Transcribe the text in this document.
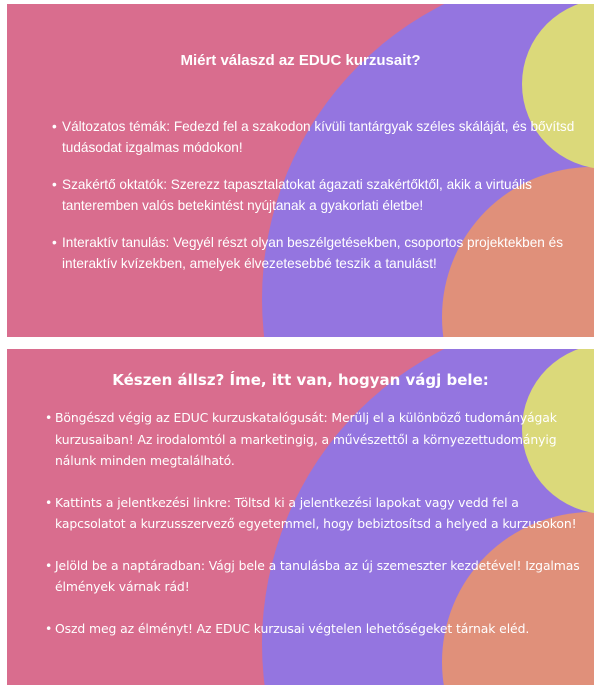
Miért válaszd az EDUC kurzusait?
• Változatos témák: Fedezd fel a szakodon kívüli tantárgyak széles skáláját, és bővítsd tudásodat izgalmas módokon!
• Szakértő oktatók: Szerezz tapasztalatokat ágazati szakértőktől, akik a virtuális tanteremben valós betekintést nyújtanak a gyakorlati életbe!
• Interaktív tanulás: Vegyél részt olyan beszélgetésekben, csoportos projektekben és interaktív kvízekben, amelyek élvezetesebbé teszik a tanulást!
Készen állsz? Íme, itt van, hogyan vágj bele:
• Böngészd végig az EDUC kurzuskatalógusát: Merülj el a különböző tudományágak kurzusaiban! Az irodalomtól a marketingig, a művészettől a környezettudományig nálunk minden megtalálható.
• Kattints a jelentkezési linkre: Töltsd ki a jelentkezési lapokat vagy vedd fel a kapcsolatot a kurzusszervező egyetemmel, hogy bebiztosítsd a helyed a kurzusokon!
• Jelöld be a naptáradban: Vágj bele a tanulásba az új szemeszter kezdetével! Izgalmas élmények várnak rád!
• Oszd meg az élményt! Az EDUC kurzusai végtelen lehetőségeket tárnak eléd.
